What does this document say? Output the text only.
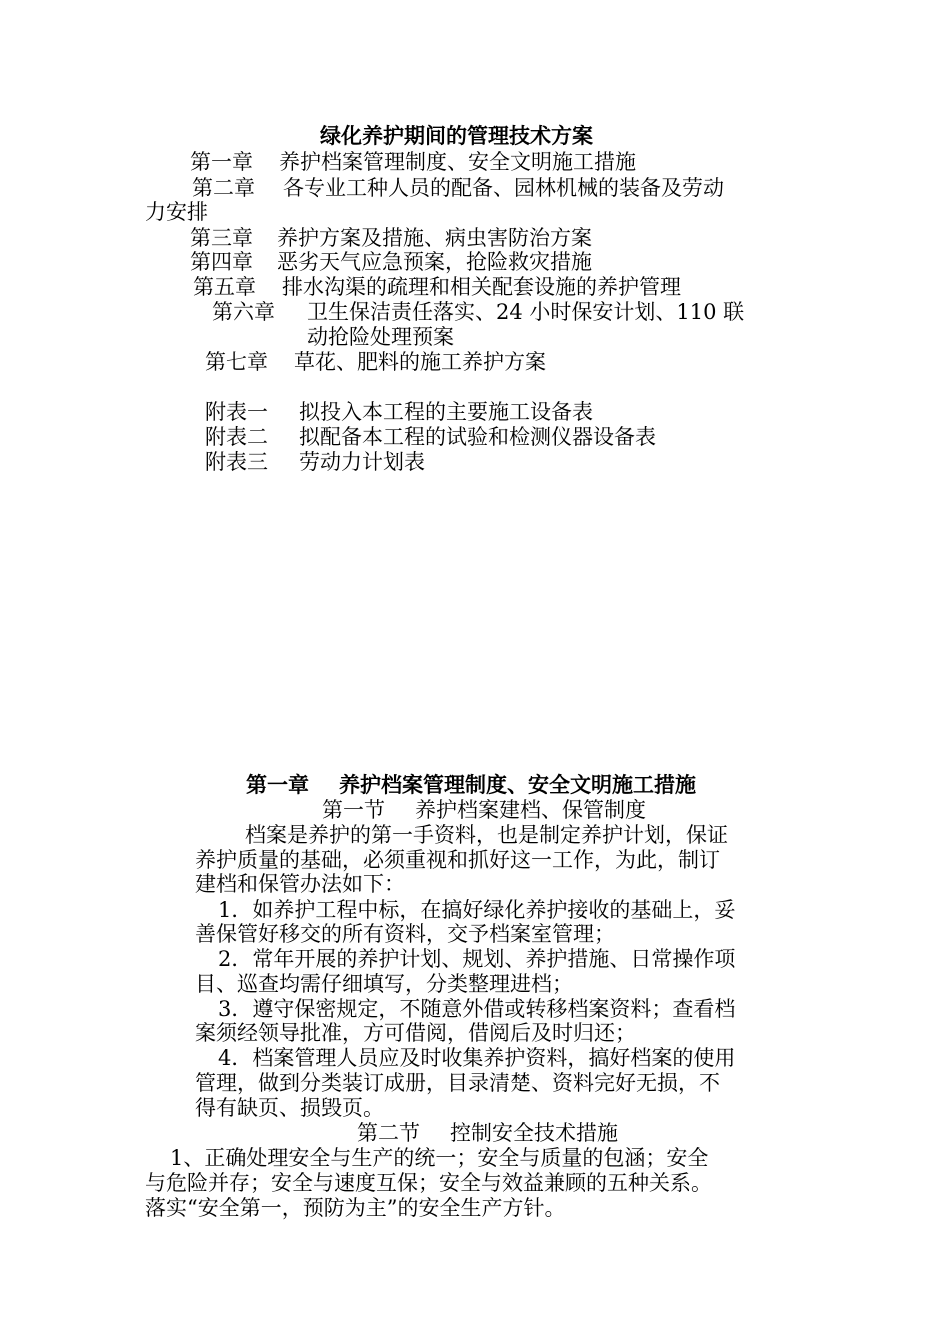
绿化养护期间的管理技术方案
第一章 养护档案管理制度、安全文明施工措施
第二章 各专业工种人员的配备、园林机械的装备及劳动
力安排
第三章 养护方案及措施、病虫害防治方案
第四章 恶劣天气应急预案，抢险救灾措施
第五章 排水沟渠的疏理和相关配套设施的养护管理
第六章 卫生保洁责任落实、24 小时保安计划、110 联
动抢险处理预案
第七章 草花、肥料的施工养护方案
附表一 拟投入本工程的主要施工设备表
附表二 拟配备本工程的试验和检测仪器设备表
附表三 劳动力计划表
第一章 养护档案管理制度、安全文明施工措施
第一节 养护档案建档、保管制度
档案是养护的第一手资料，也是制定养护计划，保证
养护质量的基础，必须重视和抓好这一工作，为此，制订
建档和保管办法如下：
1．如养护工程中标，在搞好绿化养护接收的基础上，妥
善保管好移交的所有资料，交予档案室管理；
2．常年开展的养护计划、规划、养护措施、日常操作项
目、巡查均需仔细填写，分类整理进档；
3．遵守保密规定，不随意外借或转移档案资料；查看档
案须经领导批准，方可借阅，借阅后及时归还；
4．档案管理人员应及时收集养护资料，搞好档案的使用
管理，做到分类装订成册，目录清楚、资料完好无损，不
得有缺页、损毁页。
第二节 控制安全技术措施
1、正确处理安全与生产的统一；安全与质量的包涵；安全
与危险并存；安全与速度互保；安全与效益兼顾的五种关系。
落实“安全第一，预防为主”的安全生产方针。
